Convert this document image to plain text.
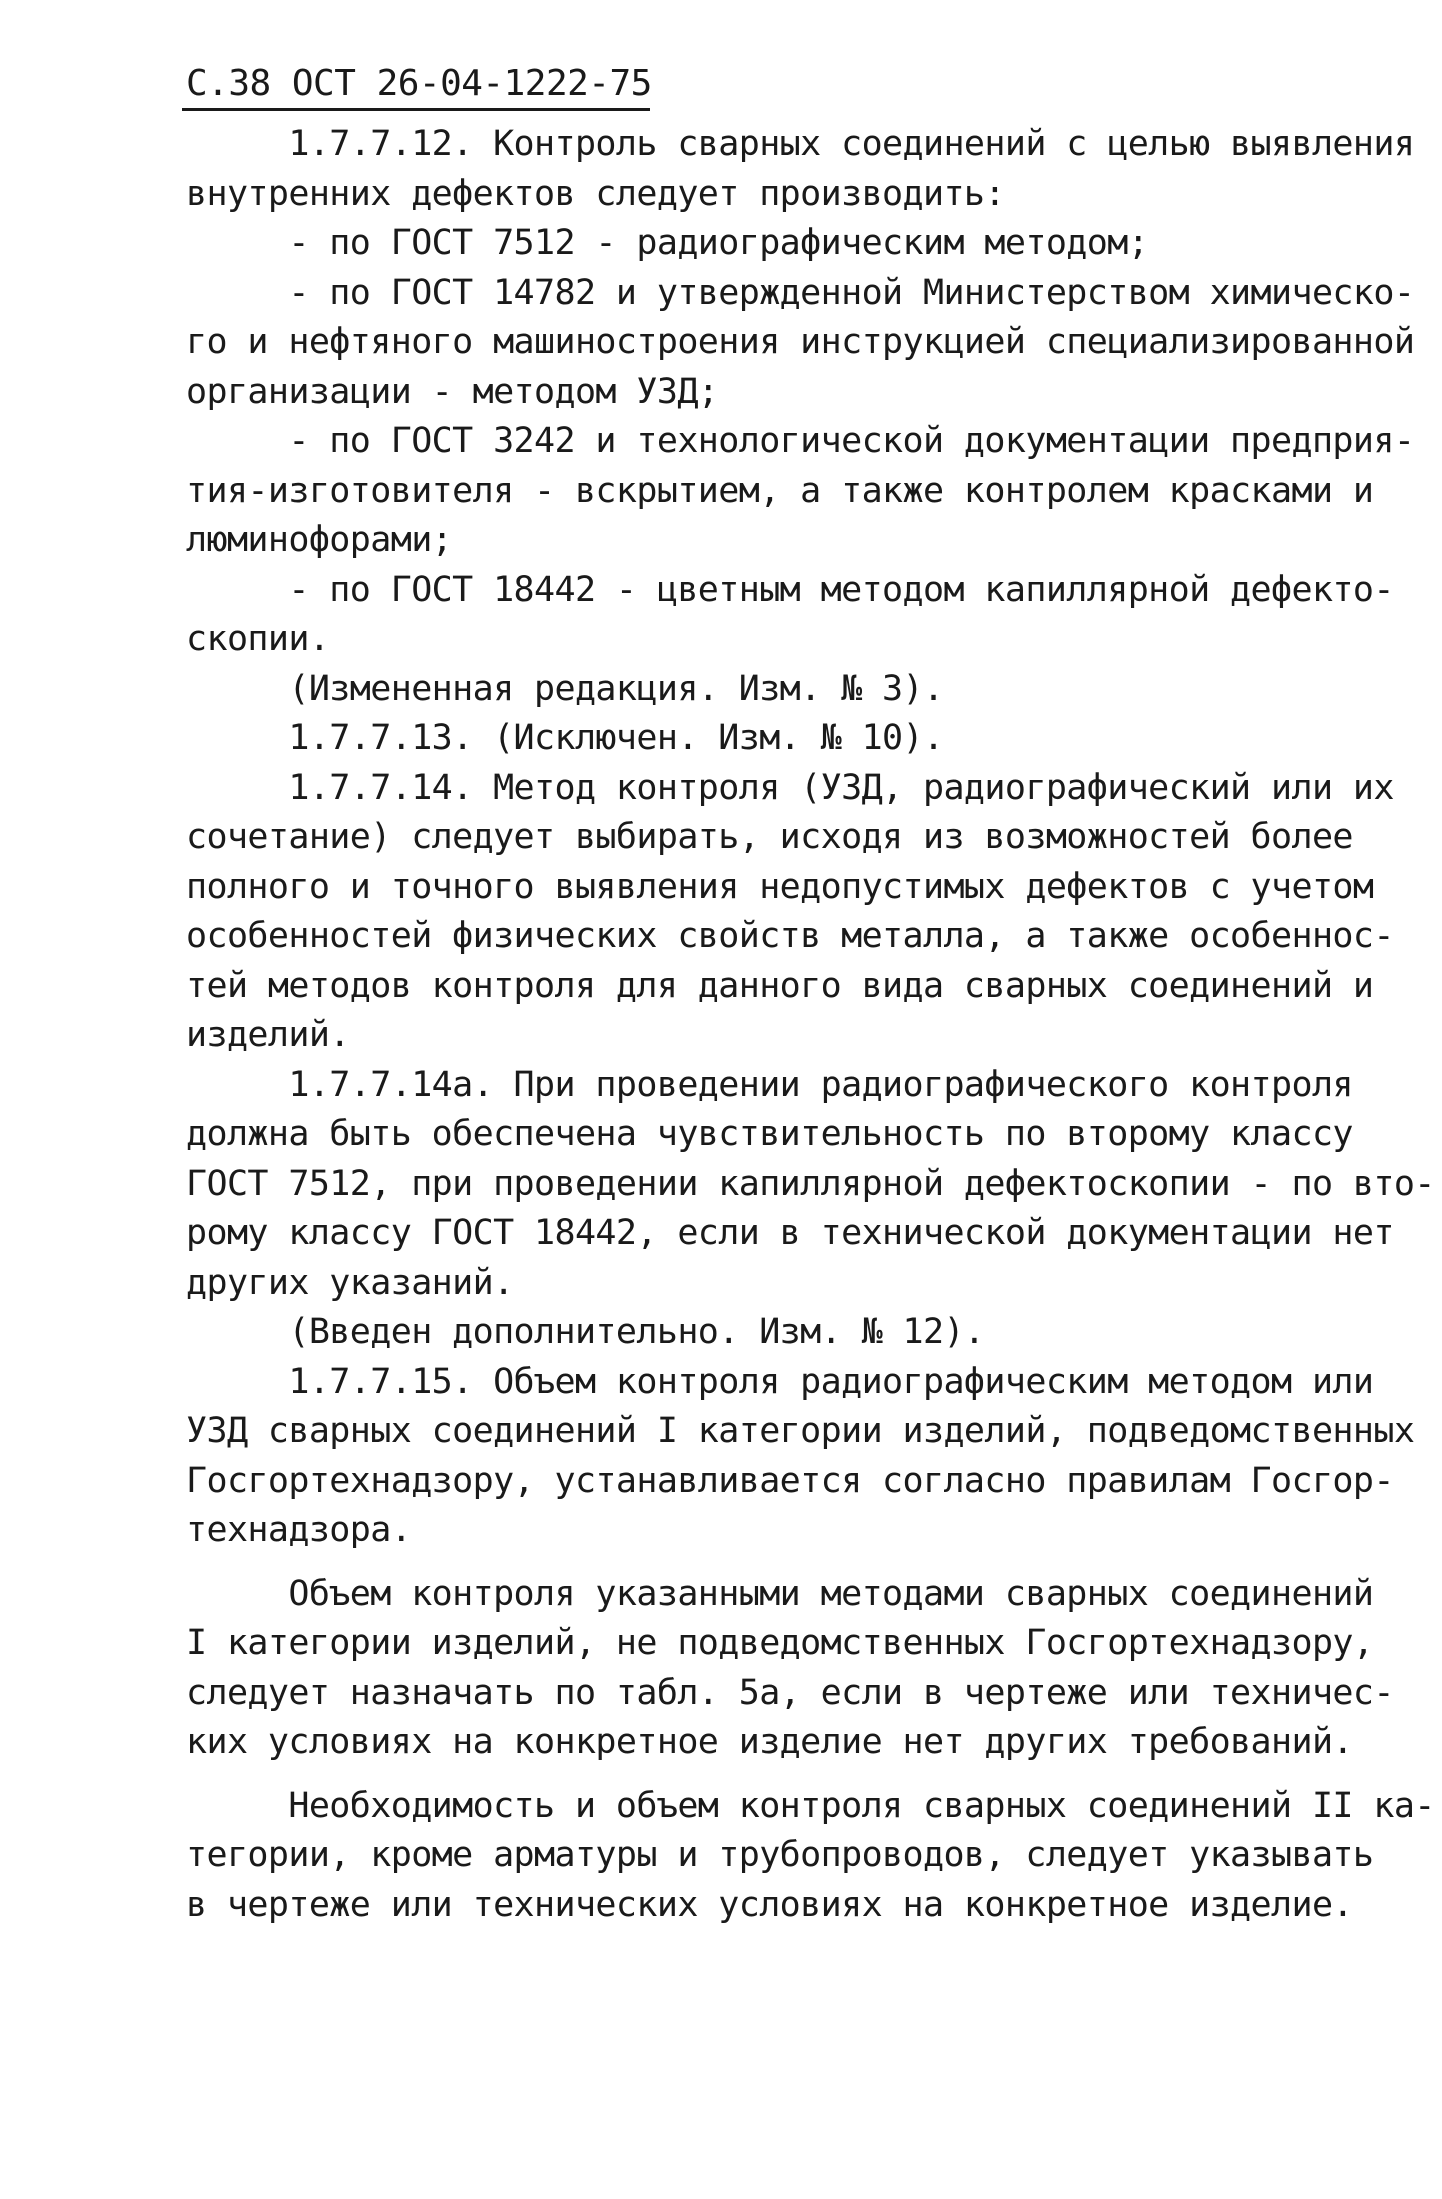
С.38 ОСТ 26-04-1222-75
1.7.7.12. Контроль сварных соединений с целью выявления
внутренних дефектов следует производить:
- по ГОСТ 7512 - радиографическим методом;
- по ГОСТ 14782 и утвержденной Министерством химическо-
го и нефтяного машиностроения инструкцией специализированной
организации - методом УЗД;
- по ГОСТ 3242 и технологической документации предприя-
тия-изготовителя - вскрытием, а также контролем красками и
люминофорами;
- по ГОСТ 18442 - цветным методом капиллярной дефекто-
скопии.
(Измененная редакция. Изм. № 3).
1.7.7.13. (Исключен. Изм. № 10).
1.7.7.14. Метод контроля (УЗД, радиографический или их
сочетание) следует выбирать, исходя из возможностей более
полного и точного выявления недопустимых дефектов с учетом
особенностей физических свойств металла, а также особеннос-
тей методов контроля для данного вида сварных соединений и
изделий.
1.7.7.14а. При проведении радиографического контроля
должна быть обеспечена чувствительность по второму классу
ГОСТ 7512, при проведении капиллярной дефектоскопии - по вто-
рому классу ГОСТ 18442, если в технической документации нет
других указаний.
(Введен дополнительно. Изм. № 12).
1.7.7.15. Объем контроля радиографическим методом или
УЗД сварных соединений I категории изделий, подведомственных
Госгортехнадзору, устанавливается согласно правилам Госгор-
технадзора.
Объем контроля указанными методами сварных соединений
I категории изделий, не подведомственных Госгортехнадзору,
следует назначать по табл. 5а, если в чертеже или техничес-
ких условиях на конкретное изделие нет других требований.
Необходимость и объем контроля сварных соединений II ка-
тегории, кроме арматуры и трубопроводов, следует указывать
в чертеже или технических условиях на конкретное изделие.
